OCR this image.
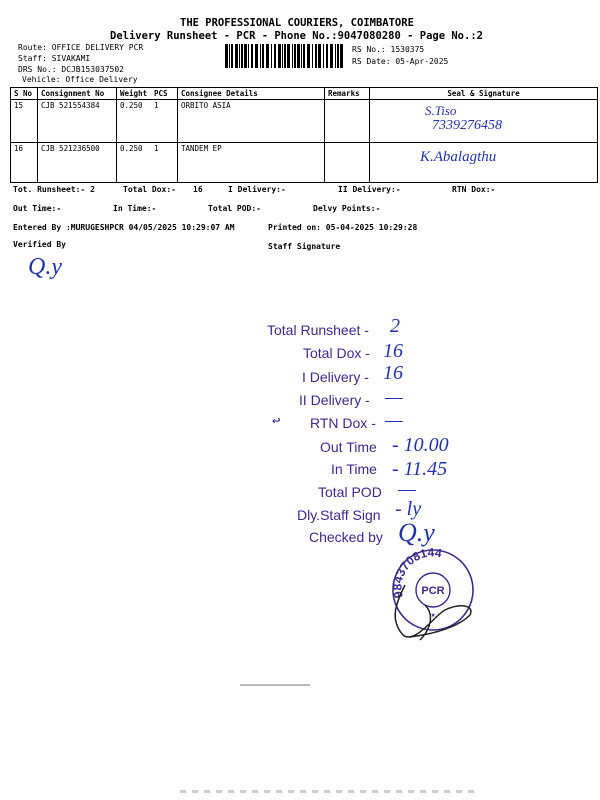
THE PROFESSIONAL COURIERS, COIMBATORE
Delivery Runsheet - PCR - Phone No.:9047080280 - Page No.:2
Route: OFFICE DELIVERY PCR
Staff: SIVAKAMI
DRS No.: DCJB153037502
Vehicle: Office Delivery
RS No.: 1530375
RS Date: 05-Apr-2025
S No	Consignment No	Weight	PCS	Consignee Details	Remarks	Seal & Signature
15	CJB 521554384	0.250	1	ORBITO ASIA		S.Tiso
7339276458

16	CJB 521236500	0.250	1	TANDEM EP		K.Abalagthu
Tot. Runsheet:- 2	Total Dox:- 16	I Delivery:-	II Delivery:-	RTN Dox:-
Out Time:-	In Time:-	Total POD:-	Delvy Points:-
Entered By :MURUGESHPCR 04/05/2025 10:29:07 AM	Printed on: 05-04-2025 10:29:28
Verified By	Staff Signature
Q.y
Total Runsheet - 2
Total Dox - 16
I Delivery - 16
II Delivery - —
RTN Dox - —
Out Time - 10.00
In Time - 11.45
Total POD —
Dly.Staff Sign - ly
Checked by Q.y
↩
9843708144
PCR
★
